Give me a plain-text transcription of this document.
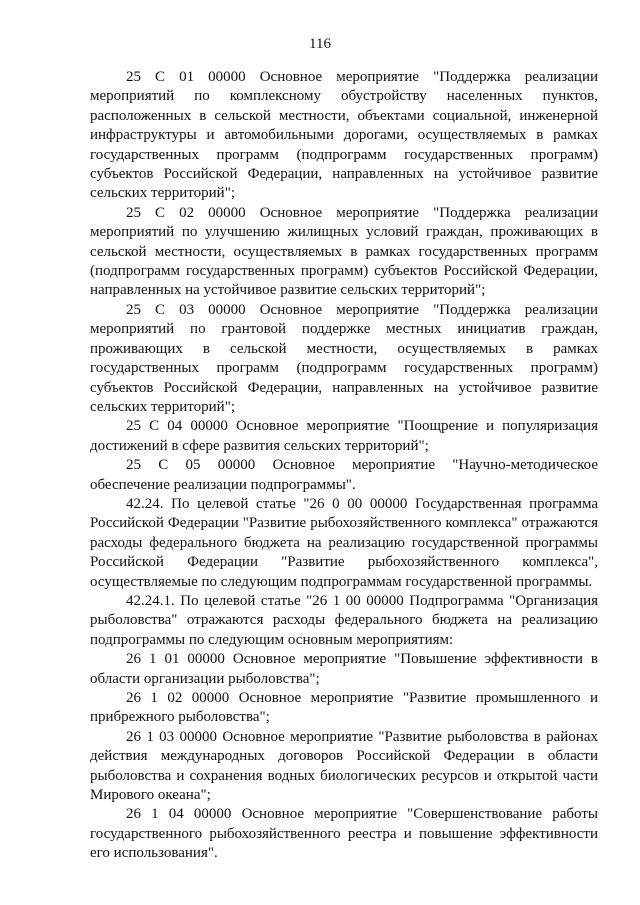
116

25 С 01 00000 Основное мероприятие "Поддержка реализации мероприятий по комплексному обустройству населенных пунктов, расположенных в сельской местности, объектами социальной, инженерной инфраструктуры и автомобильными дорогами, осуществляемых в рамках государственных программ (подпрограмм государственных программ) субъектов Российской Федерации, направленных на устойчивое развитие сельских территорий";

25 С 02 00000 Основное мероприятие "Поддержка реализации мероприятий по улучшению жилищных условий граждан, проживающих в сельской местности, осуществляемых в рамках государственных программ (подпрограмм государственных программ) субъектов Российской Федерации, направленных на устойчивое развитие сельских территорий";

25 С 03 00000 Основное мероприятие "Поддержка реализации мероприятий по грантовой поддержке местных инициатив граждан, проживающих в сельской местности, осуществляемых в рамках государственных программ (подпрограмм государственных программ) субъектов Российской Федерации, направленных на устойчивое развитие сельских территорий";

25 С 04 00000 Основное мероприятие "Поощрение и популяризация достижений в сфере развития сельских территорий";

25 С 05 00000 Основное мероприятие "Научно-методическое обеспечение реализации подпрограммы".

42.24. По целевой статье "26 0 00 00000 Государственная программа Российской Федерации "Развитие рыбохозяйственного комплекса" отражаются расходы федерального бюджета на реализацию государственной программы Российской Федерации "Развитие рыбохозяйственного комплекса", осуществляемые по следующим подпрограммам государственной программы.

42.24.1. По целевой статье "26 1 00 00000 Подпрограмма "Организация рыболовства" отражаются расходы федерального бюджета на реализацию подпрограммы по следующим основным мероприятиям:

26 1 01 00000 Основное мероприятие "Повышение эффективности в области организации рыболовства";

26 1 02 00000 Основное мероприятие "Развитие промышленного и прибрежного рыболовства";

26 1 03 00000 Основное мероприятие "Развитие рыболовства в районах действия международных договоров Российской Федерации в области рыболовства и сохранения водных биологических ресурсов и открытой части Мирового океана";

26 1 04 00000 Основное мероприятие "Совершенствование работы государственного рыбохозяйственного реестра и повышение эффективности его использования".
